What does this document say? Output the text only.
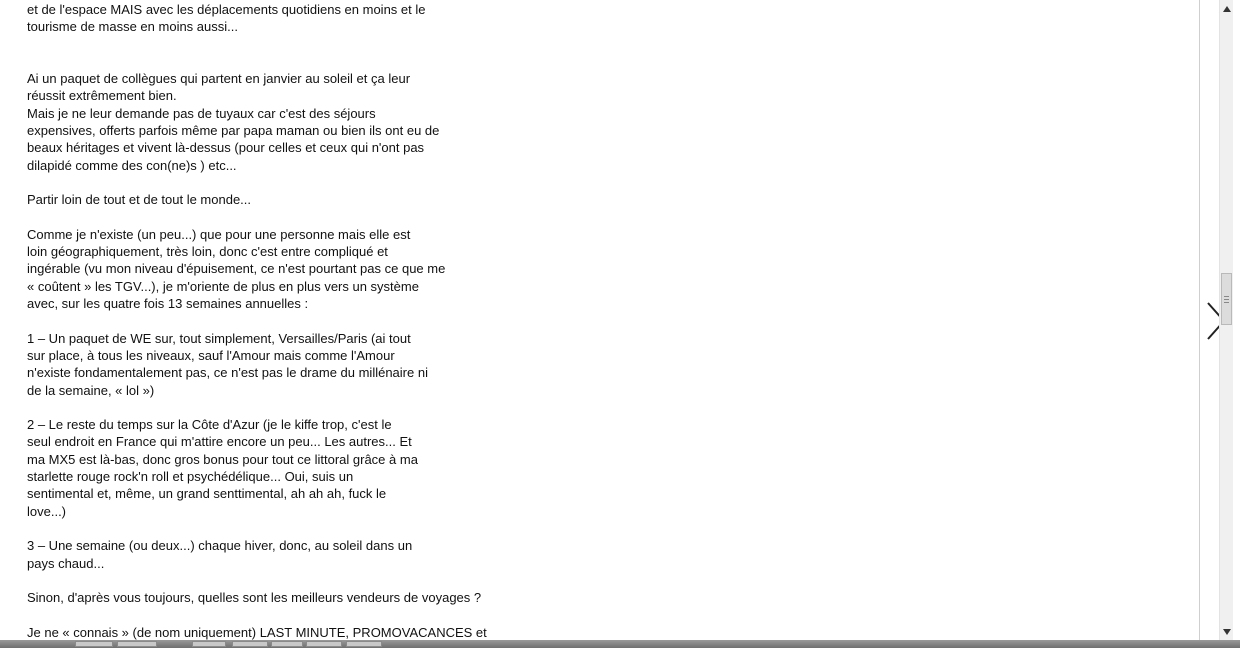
et de l'espace MAIS avec les déplacements quotidiens en moins et le
tourisme de masse en moins aussi...
Ai un paquet de collègues qui partent en janvier au soleil et ça leur
réussit extrêmement bien.
Mais je ne leur demande pas de tuyaux car c'est des séjours
expensives, offerts parfois même par papa maman ou bien ils ont eu de
beaux héritages et vivent là-dessus (pour celles et ceux qui n'ont pas
dilapidé comme des con(ne)s ) etc...
Partir loin de tout et de tout le monde...
Comme je n'existe (un peu...) que pour une personne mais elle est
loin géographiquement, très loin, donc c'est entre compliqué et
ingérable (vu mon niveau d'épuisement, ce n'est pourtant pas ce que me
« coûtent » les TGV...), je m'oriente de plus en plus vers un système
avec, sur les quatre fois 13 semaines annuelles :
1 – Un paquet de WE sur, tout simplement, Versailles/Paris (ai tout
sur place, à tous les niveaux, sauf l'Amour mais comme l'Amour
n'existe fondamentalement pas, ce n'est pas le drame du millénaire ni
de la semaine, « lol »)
2 – Le reste du temps sur la Côte d'Azur (je le kiffe trop, c'est le
seul endroit en France qui m'attire encore un peu... Les autres... Et
ma MX5 est là-bas, donc gros bonus pour tout ce littoral grâce à ma
starlette rouge rock'n roll et psychédélique... Oui, suis un
sentimental et, même, un grand senttimental, ah ah ah, fuck le
love...)
3 – Une semaine (ou deux...) chaque hiver, donc, au soleil dans un
pays chaud...
Sinon, d'après vous toujours, quelles sont les meilleurs vendeurs de voyages ?
Je ne « connais » (de nom uniquement) LAST MINUTE, PROMOVACANCES et
